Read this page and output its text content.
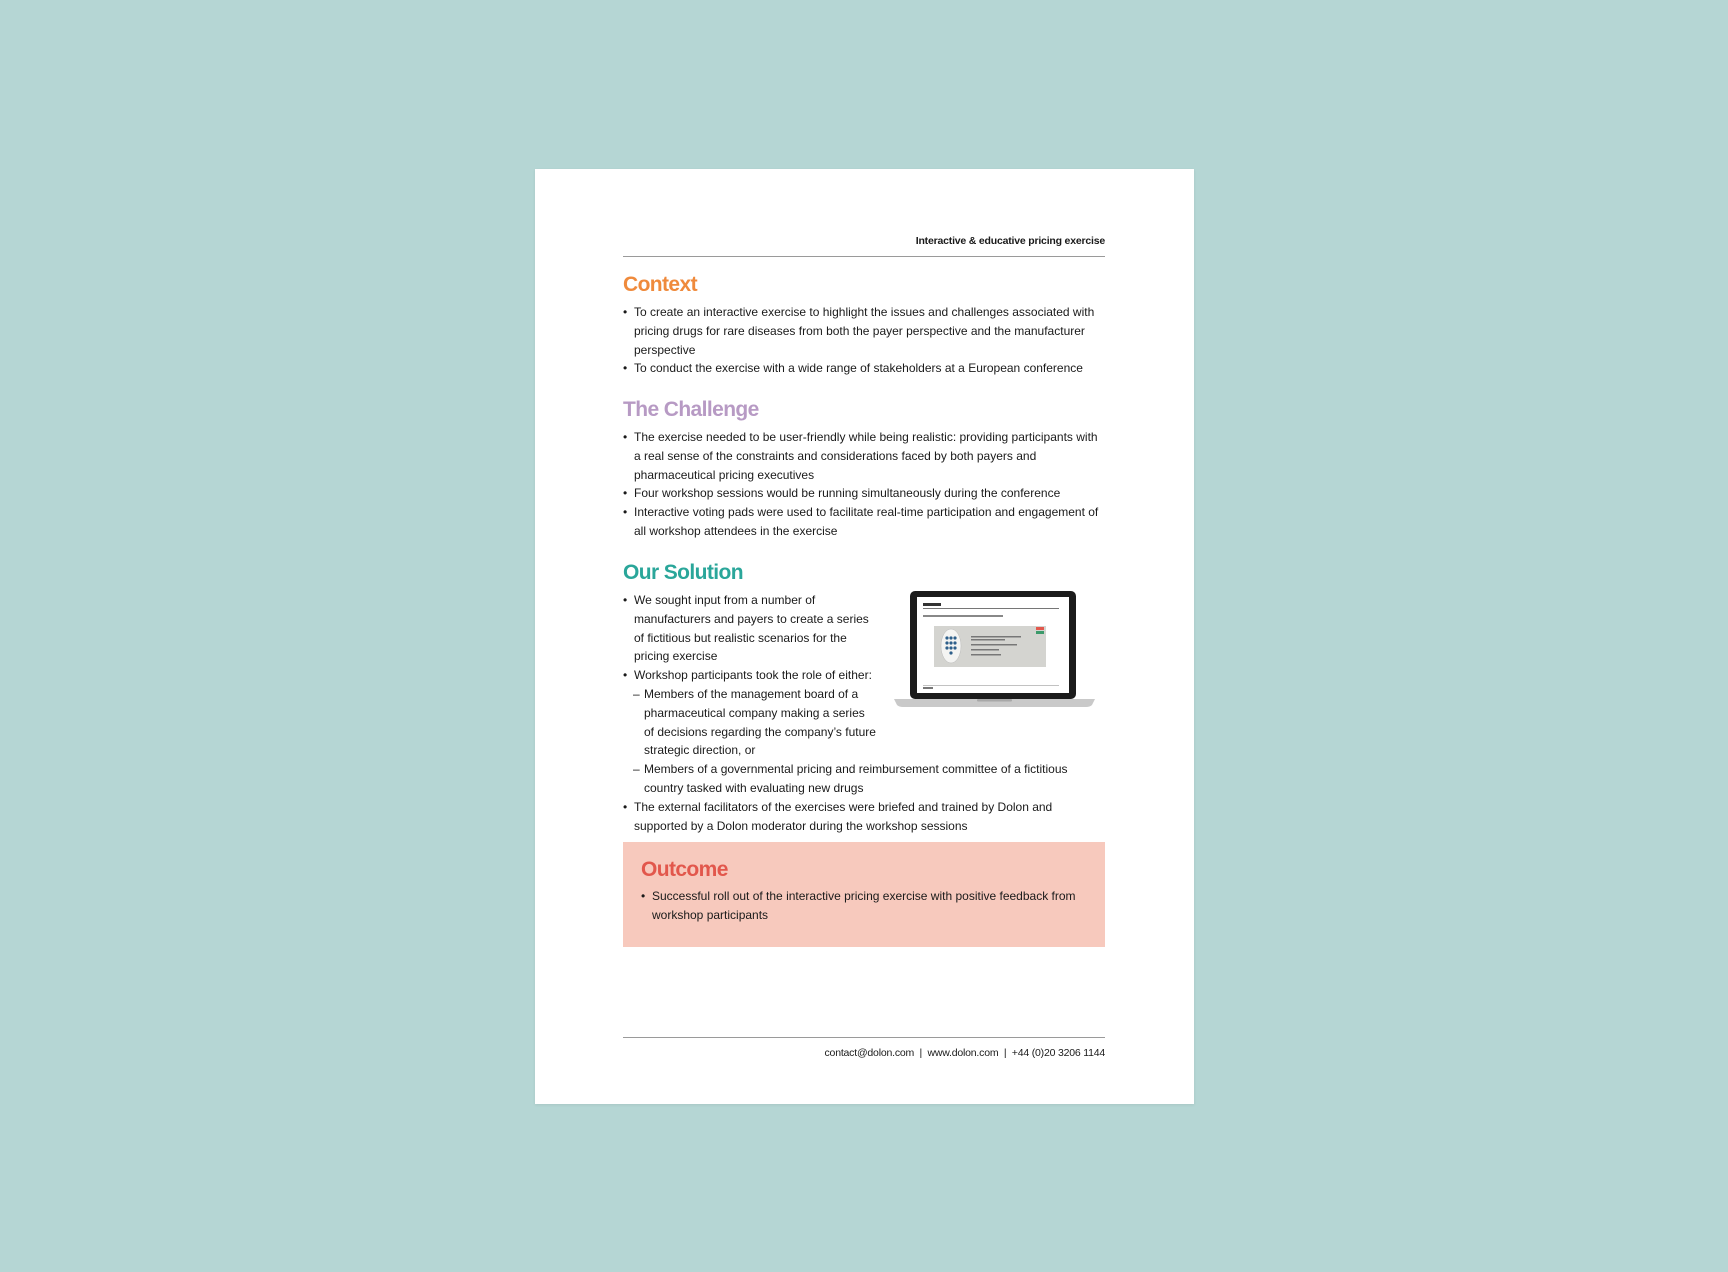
Interactive & educative pricing exercise
Context
• To create an interactive exercise to highlight the issues and challenges associated with pricing drugs for rare diseases from both the payer perspective and the manufacturer perspective
• To conduct the exercise with a wide range of stakeholders at a European conference
The Challenge
• The exercise needed to be user-friendly while being realistic: providing participants with a real sense of the constraints and considerations faced by both payers and pharmaceutical pricing executives
• Four workshop sessions would be running simultaneously during the conference
• Interactive voting pads were used to facilitate real-time participation and engagement of all workshop attendees in the exercise
Our Solution
• We sought input from a number of manufacturers and payers to create a series of fictitious but realistic scenarios for the pricing exercise
• Workshop participants took the role of either:
– Members of the management board of a pharmaceutical company making a series of decisions regarding the company’s future strategic direction, or
– Members of a governmental pricing and reimbursement committee of a fictitious country tasked with evaluating new drugs
• The external facilitators of the exercises were briefed and trained by Dolon and supported by a Dolon moderator during the workshop sessions
Outcome
• Successful roll out of the interactive pricing exercise with positive feedback from workshop participants
contact@dolon.com  |  www.dolon.com  |  +44 (0)20 3206 1144
